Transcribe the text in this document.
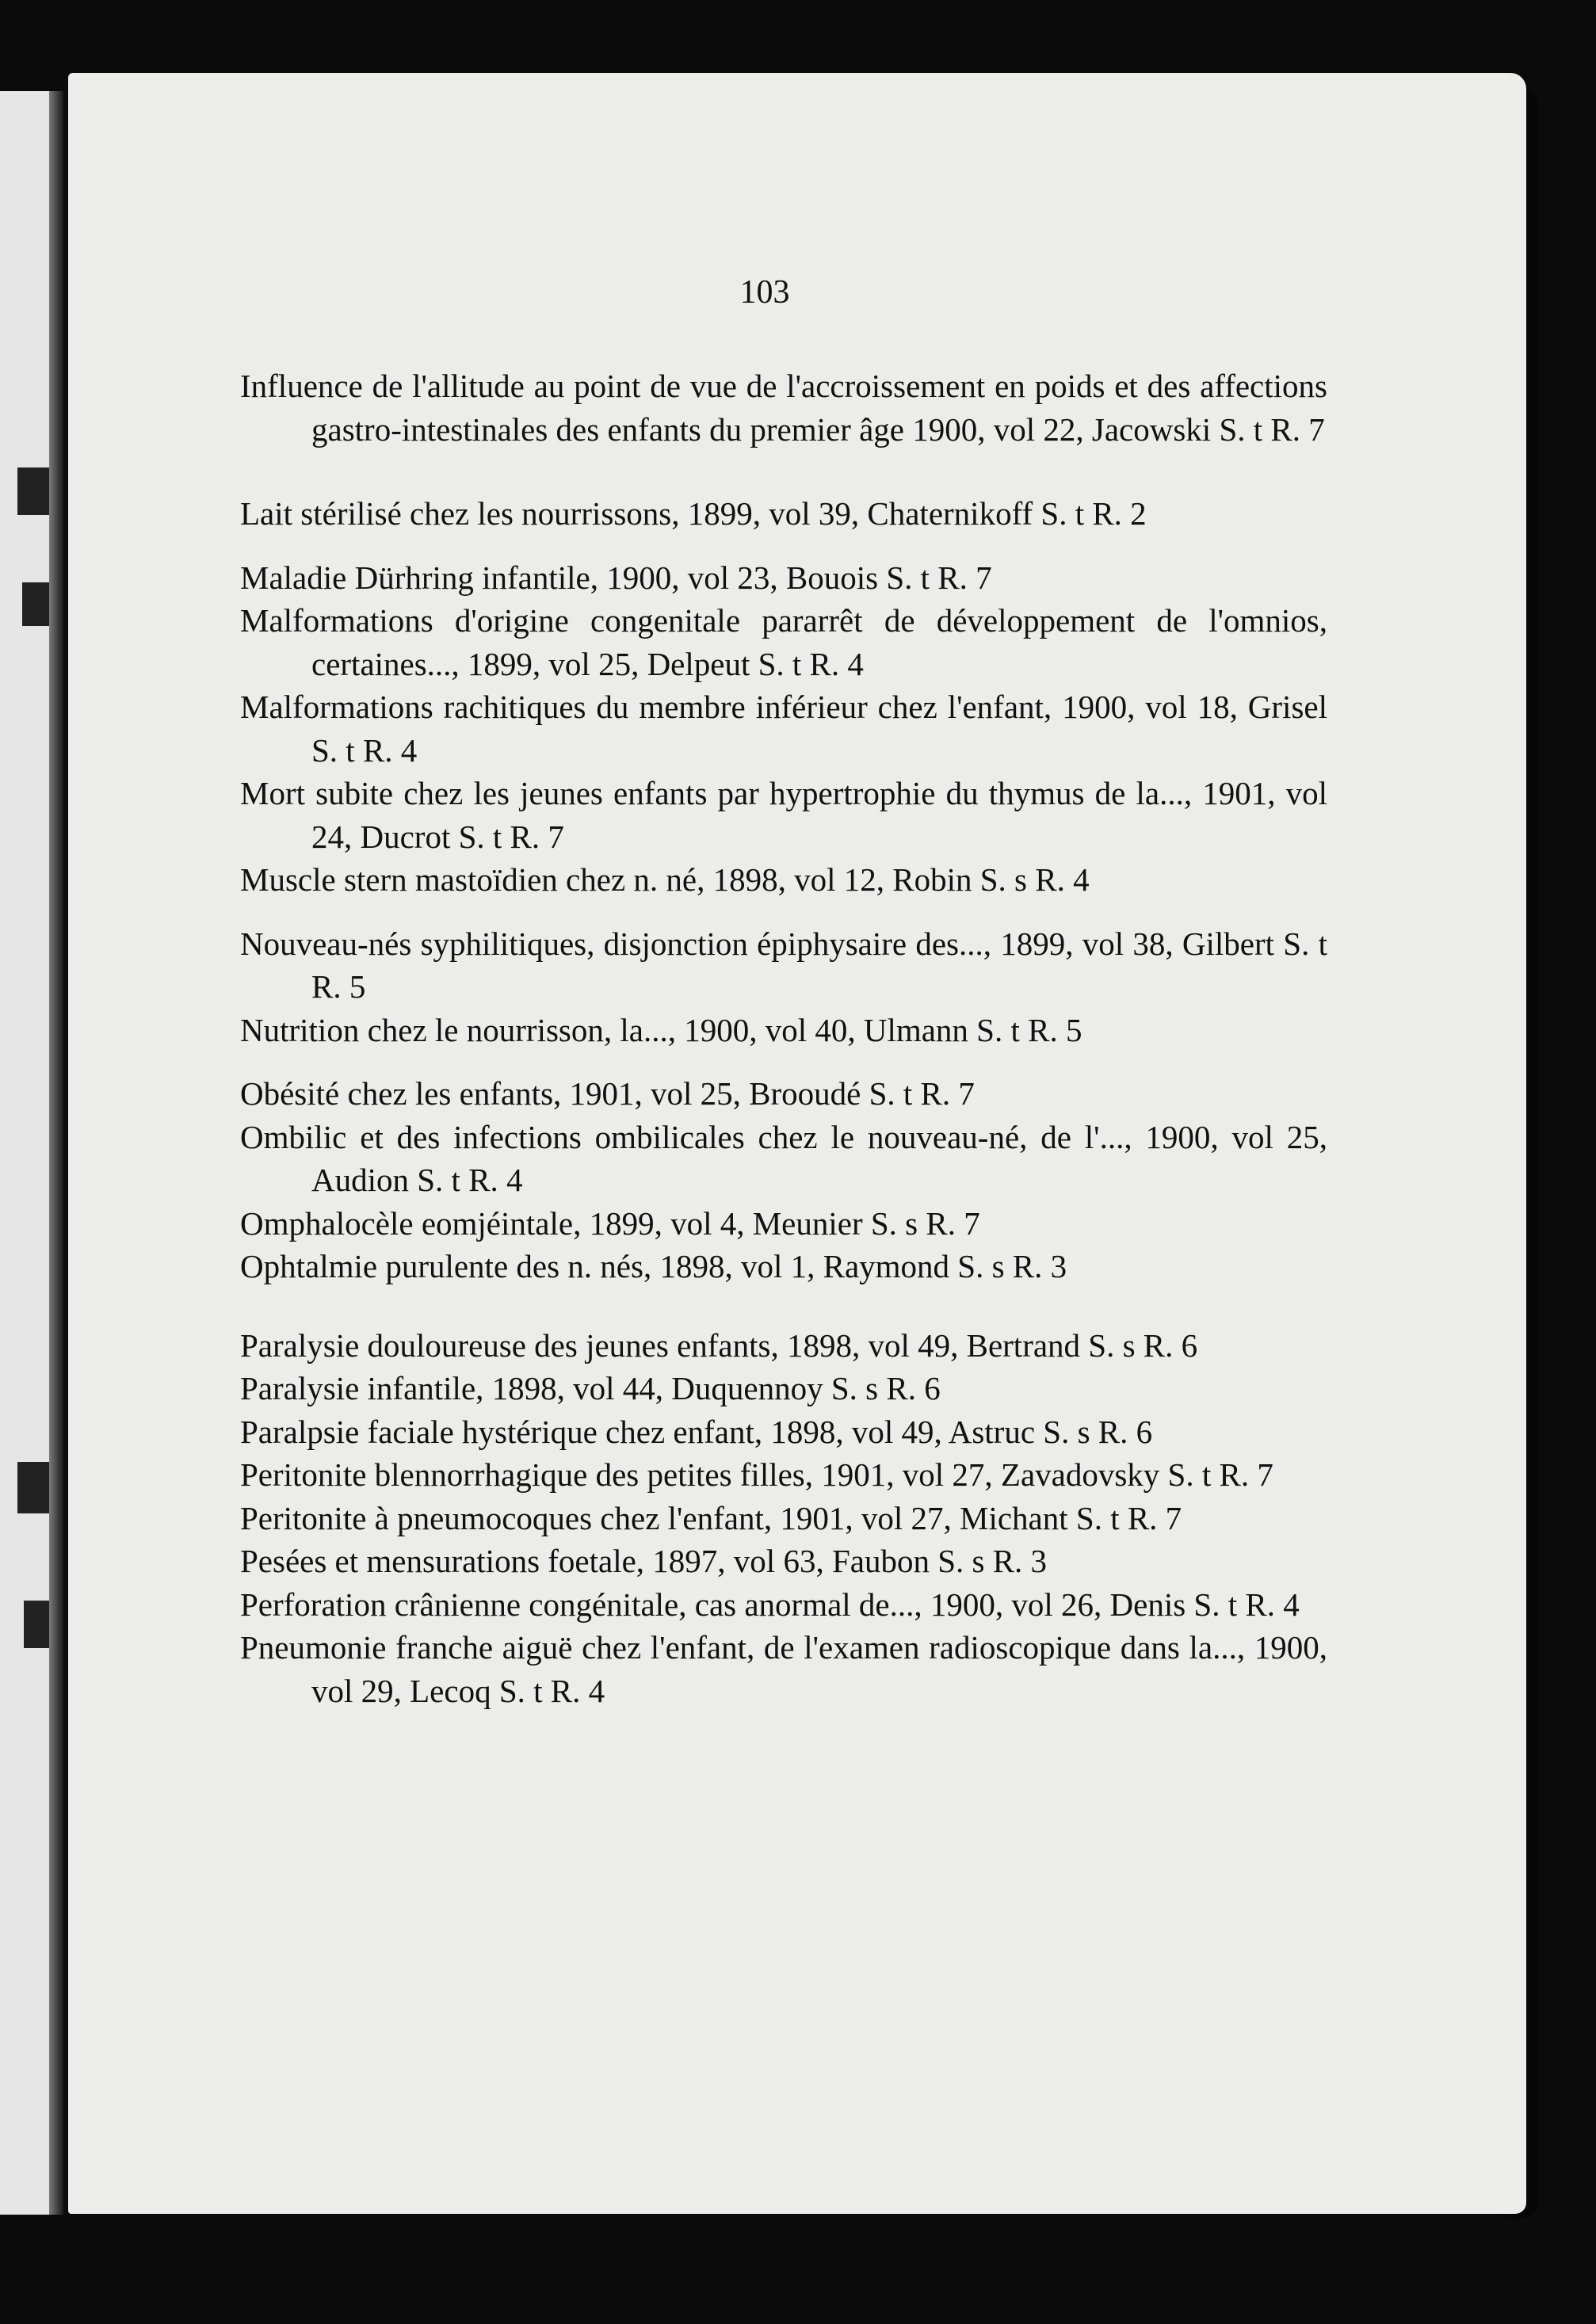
103

Influence de l'allitude au point de vue de l'accroissement en poids et des affections gastro-intestinales des enfants du premier âge 1900, vol 22, Jacowski S. t R. 7

Lait stérilisé chez les nourrissons, 1899, vol 39, Chaternikoff S. t R. 2

Maladie Dürhring infantile, 1900, vol 23, Bouois S. t R. 7

Malformations d'origine congenitale pararrêt de développement de l'omnios, certaines..., 1899, vol 25, Delpeut S. t R. 4

Malformations rachitiques du membre inférieur chez l'enfant, 1900, vol 18, Grisel S. t R. 4

Mort subite chez les jeunes enfants par hypertrophie du thymus de la..., 1901, vol 24, Ducrot S. t R. 7

Muscle stern mastoïdien chez n. né, 1898, vol 12, Robin S. s R. 4

Nouveau-nés syphilitiques, disjonction épiphysaire des..., 1899, vol 38, Gilbert S. t R. 5

Nutrition chez le nourrisson, la..., 1900, vol 40, Ulmann S. t R. 5

Obésité chez les enfants, 1901, vol 25, Brooudé S. t R. 7

Ombilic et des infections ombilicales chez le nouveau-né, de l'..., 1900, vol 25, Audion S. t R. 4

Omphalocèle eomjéintale, 1899, vol 4, Meunier S. s R. 7

Ophtalmie purulente des n. nés, 1898, vol 1, Raymond S. s R. 3

Paralysie douloureuse des jeunes enfants, 1898, vol 49, Bertrand S. s R. 6

Paralysie infantile, 1898, vol 44, Duquennoy S. s R. 6

Paralpsie faciale hystérique chez enfant, 1898, vol 49, Astruc S. s R. 6

Peritonite blennorrhagique des petites filles, 1901, vol 27, Zavadovsky S. t R. 7

Peritonite à pneumocoques chez l'enfant, 1901, vol 27, Michant S. t R. 7

Pesées et mensurations foetale, 1897, vol 63, Faubon S. s R. 3

Perforation crânienne congénitale, cas anormal de..., 1900, vol 26, Denis S. t R. 4

Pneumonie franche aiguë chez l'enfant, de l'examen radioscopique dans la..., 1900, vol 29, Lecoq S. t R. 4
